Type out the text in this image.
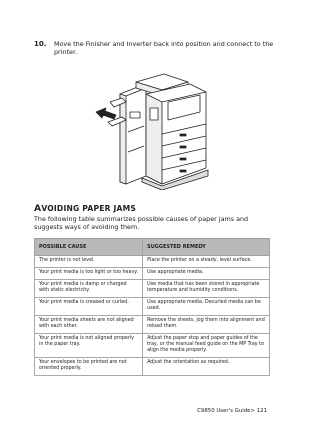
10. Move the Finisher and Inverter back into position and connect to the printer.
AVOIDING PAPER JAMS
The following table summarizes possible causes of paper jams and suggests ways of avoiding them.
POSSIBLE CAUSE	SUGGESTED REMEDY
The printer is not level.	Place the printer on a steady, level surface.
Your print media is too light or too heavy.	Use appropriate media.
Your print media is damp or charged with static electricity.	Use media that has been stored in appropriate temperature and humidity conditions.
Your print media is creased or curled.	Use appropriate media. Decurled media can be used.
Your print media sheets are not aligned with each other.	Remove the sheets, jog them into alignment and reload them.
Your print media is not aligned properly in the paper tray.	Adjust the paper stop and paper guides of the tray, or the manual feed guide on the MP Tray to align the media properly.
Your envelopes to be printed are not oriented properly.	Adjust the orientation as required.
C9850 User's Guide> 121
